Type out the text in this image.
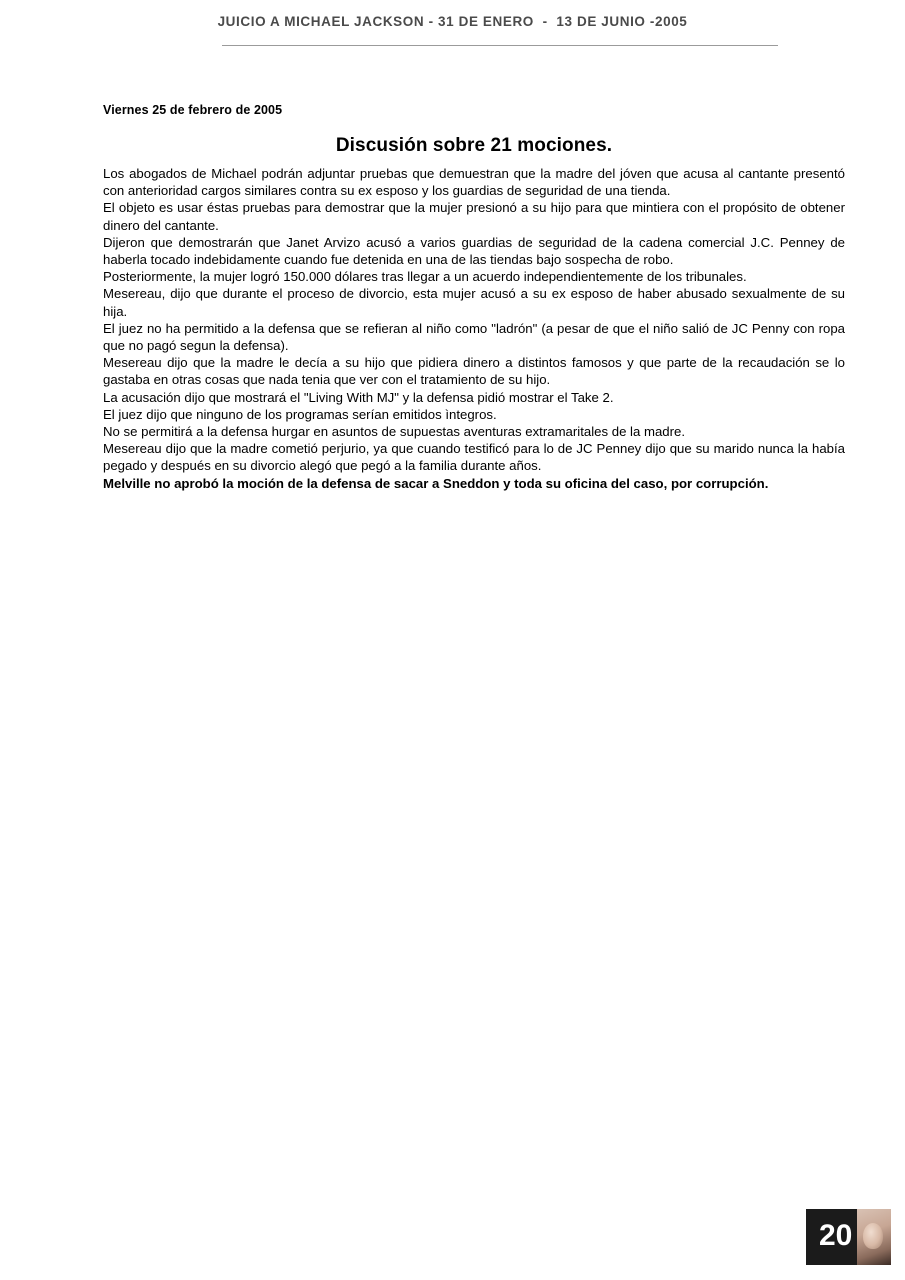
JUICIO A MICHAEL JACKSON - 31 DE ENERO  -  13 DE JUNIO -2005
Viernes 25 de febrero de 2005
Discusión sobre 21 mociones.

Los abogados de Michael podrán adjuntar pruebas que demuestran que la madre del jóven que acusa al cantante presentó con anterioridad cargos similares contra su ex esposo y los guardias de seguridad de una tienda.

El objeto es usar éstas pruebas para demostrar que la mujer presionó a su hijo para que mintiera con el propósito de obtener dinero del cantante.

Dijeron que demostrarán que Janet Arvizo acusó a varios guardias de seguridad de la cadena comercial J.C. Penney de haberla tocado indebidamente cuando fue detenida en una de las tiendas bajo sospecha de robo.

Posteriormente, la mujer logró 150.000 dólares tras llegar a un acuerdo independientemente de los tribunales.

Mesereau, dijo que durante el proceso de divorcio, esta mujer acusó a su ex esposo de haber abusado sexualmente de su hija.

El juez no ha permitido a la defensa que se refieran al niño como "ladrón" (a pesar de que el niño salió de JC Penny con ropa que no pagó segun la defensa).

Mesereau dijo que la madre le decía a su hijo que pidiera dinero a distintos famosos y que parte de la recaudación se lo gastaba en otras cosas que nada tenia que ver con el tratamiento de su hijo.

La acusación dijo que mostrará el "Living With MJ" y la defensa pidió mostrar el Take 2.

El juez dijo que ninguno de los programas serían emitidos ìntegros.

No se permitirá a la defensa hurgar en asuntos de supuestas aventuras extramaritales de la madre.

Mesereau dijo que la madre cometió perjurio, ya que cuando testificó para lo de JC Penney dijo que su marido nunca la había pegado y después en su divorcio alegó que pegó a la familia durante años.

Melville no aprobó la moción de la defensa de sacar a Sneddon y toda su oficina del caso, por corrupción.

20
